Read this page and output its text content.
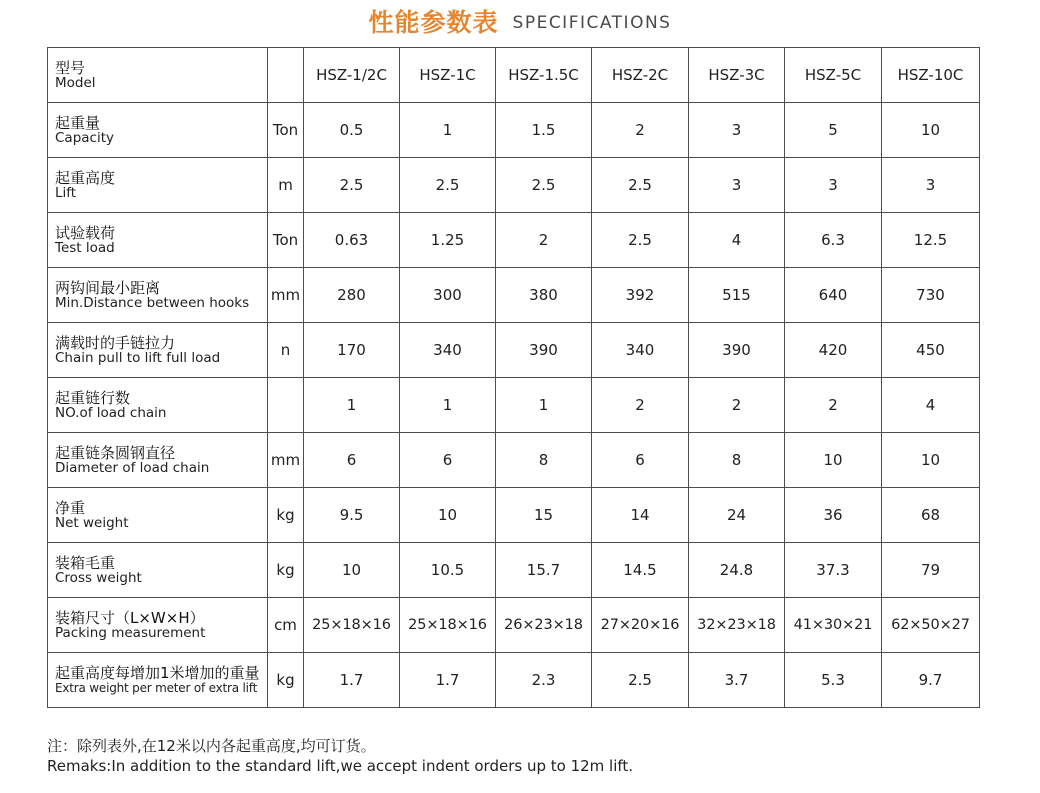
性能参数表 SPECIFICATIONS
型号
Model		HSZ-1/2C	HSZ-1C	HSZ-1.5C	HSZ-2C	HSZ-3C	HSZ-5C	HSZ-10C

起重量
Capacity	Ton	0.5	1	1.5	2	3	5	10

起重高度
Lift	m	2.5	2.5	2.5	2.5	3	3	3

试验载荷
Test load	Ton	0.63	1.25	2	2.5	4	6.3	12.5

两钩间最小距离
Min.Distance between hooks	mm	280	300	380	392	515	640	730

满载时的手链拉力
Chain pull to lift full load	n	170	340	390	340	390	420	450

起重链行数
NO.of load chain		1	1	1	2	2	2	4

起重链条圆钢直径
Diameter of load chain	mm	6	6	8	6	8	10	10

净重
Net weight	kg	9.5	10	15	14	24	36	68

装箱毛重
Cross weight	kg	10	10.5	15.7	14.5	24.8	37.3	79

装箱尺寸（L×W×H）
Packing measurement	cm	25×18×16	25×18×16	26×23×18	27×20×16	32×23×18	41×30×21	62×50×27

起重高度每增加1米增加的重量
Extra weight per meter of extra lift	kg	1.7	1.7	2.3	2.5	3.7	5.3	9.7
注：除列表外,在12米以内各起重高度,均可订货。
Remaks:In addition to the standard lift,we accept indent orders up to 12m lift.
